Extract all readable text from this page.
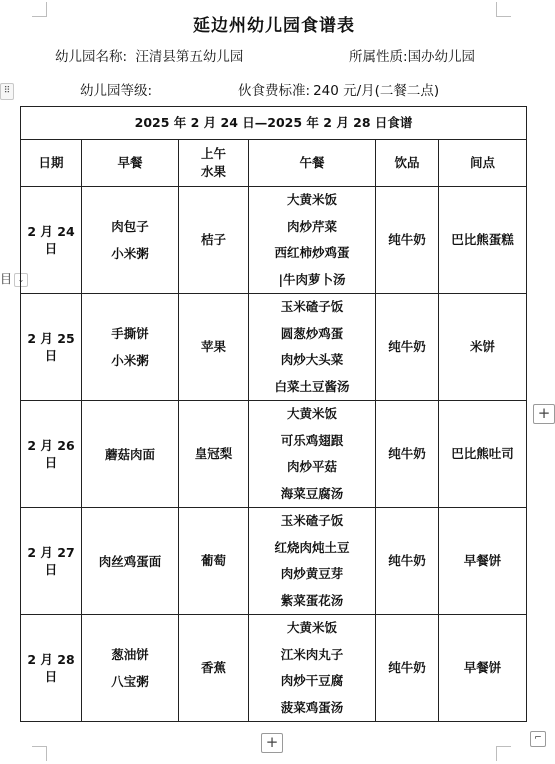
延边州幼儿园食谱表
幼儿园名称: 汪清县第五幼儿园	所属性质:国办幼儿园
幼儿园等级:	伙食费标准: 240 元/月(二餐二点)
⠿
目 ⌄
2025 年 2 月 24 日—2025 年 2 月 28 日食谱					
日期	早餐	上午
水果	午餐	饮品	间点

2 月 24
日	肉包子
小米粥	桔子	大黄米饭
肉炒芹菜
西红柿炒鸡蛋
|牛肉萝卜汤	纯牛奶	巴比熊蛋糕

2 月 25
日	手撕饼
小米粥	苹果	玉米碴子饭
圆葱炒鸡蛋
肉炒大头菜
白菜土豆酱汤	纯牛奶	米饼

2 月 26
日	蘑菇肉面	皇冠梨	大黄米饭
可乐鸡翅跟
肉炒平菇
海菜豆腐汤	纯牛奶	巴比熊吐司

2 月 27
日	肉丝鸡蛋面	葡萄	玉米碴子饭
红烧肉炖土豆
肉炒黄豆芽
紫菜蛋花汤	纯牛奶	早餐饼

2 月 28
日	葱油饼
八宝粥	香蕉	大黄米饭
江米肉丸子
肉炒干豆腐
菠菜鸡蛋汤	纯牛奶	早餐饼
+
+	⌐
